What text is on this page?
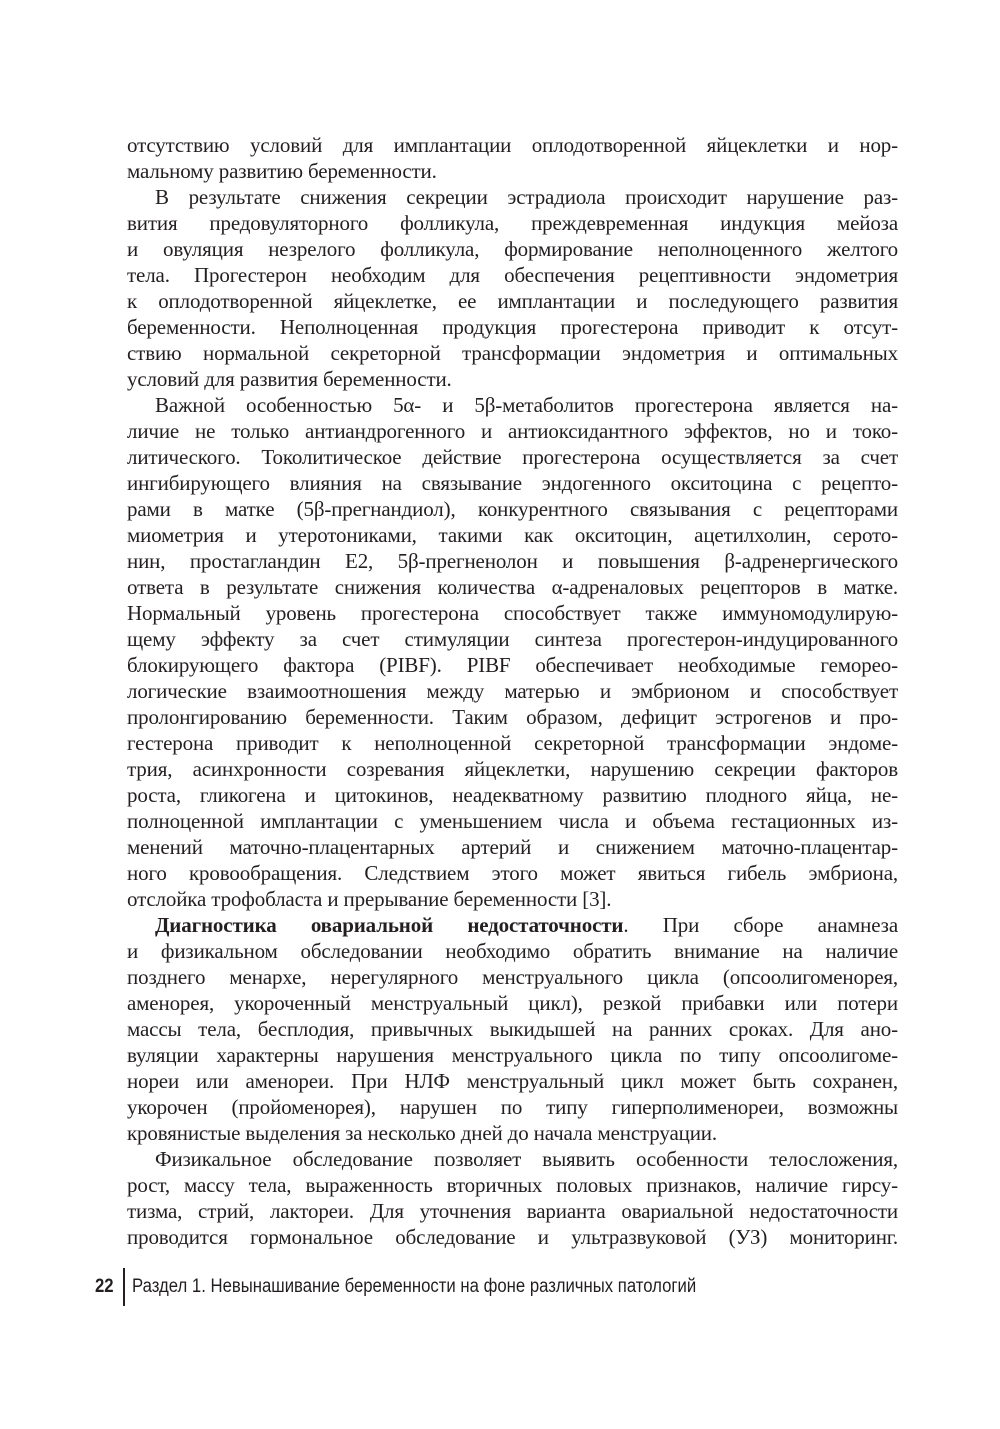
отсутствию условий для имплантации оплодотворенной яйцеклетки и нор-
мальному развитию беременности.
В результате снижения секреции эстрадиола происходит нарушение раз-
вития предовуляторного фолликула, преждевременная индукция мейоза
и овуляция незрелого фолликула, формирование неполноценного желтого
тела. Прогестерон необходим для обеспечения рецептивности эндометрия
к оплодотворенной яйцеклетке, ее имплантации и последующего развития
беременности. Неполноценная продукция прогестерона приводит к отсут-
ствию нормальной секреторной трансформации эндометрия и оптимальных
условий для развития беременности.
Важной особенностью 5α- и 5β-метаболитов прогестерона является на-
личие не только антиандрогенного и антиоксидантного эффектов, но и токо-
литического. Токолитическое действие прогестерона осуществляется за счет
ингибирующего влияния на связывание эндогенного окситоцина с рецепто-
рами в матке (5β-прегнандиол), конкурентного связывания с рецепторами
миометрия и утеротониками, такими как окситоцин, ацетилхолин, серото-
нин, простагландин Е2, 5β-прегненолон и повышения β-адренергического
ответа в результате снижения количества α-адреналовых рецепторов в матке.
Нормальный уровень прогестерона способствует также иммуномодулирую-
щему эффекту за счет стимуляции синтеза прогестерон-индуцированного
блокирующего фактора (PIBF). PIBF обеспечивает необходимые гемореo-
логические взаимоотношения между матерью и эмбрионом и способствует
пролонгированию беременности. Таким образом, дефицит эстрогенов и про-
гестерона приводит к неполноценной секреторной трансформации эндоме-
трия, асинхронности созревания яйцеклетки, нарушению секреции факторов
роста, гликогена и цитокинов, неадекватному развитию плодного яйца, не-
полноценной имплантации с уменьшением числа и объема гестационных из-
менений маточно-плацентарных артерий и снижением маточно-плацентар-
ного кровообращения. Следствием этого может явиться гибель эмбриона,
отслойка трофобласта и прерывание беременности [3].
Диагностика овариальной недостаточности. При сборе анамнеза
и физикальном обследовании необходимо обратить внимание на наличие
позднего менархе, нерегулярного менструального цикла (опсоолигоменорея,
аменорея, укороченный менструальный цикл), резкой прибавки или потери
массы тела, бесплодия, привычных выкидышей на ранних сроках. Для ано-
вуляции характерны нарушения менструального цикла по типу опсоолигоме-
нореи или аменореи. При НЛФ менструальный цикл может быть сохранен,
укорочен (пройоменорея), нарушен по типу гиперполименореи, возможны
кровянистые выделения за несколько дней до начала менструации.
Физикальное обследование позволяет выявить особенности телосложения,
рост, массу тела, выраженность вторичных половых признаков, наличие гирсу-
тизма, стрий, лактореи. Для уточнения варианта овариальной недостаточности
проводится гормональное обследование и ультразвуковой (УЗ) мониторинг.
22 Раздел 1. Невынашивание беременности на фоне различных патологий
